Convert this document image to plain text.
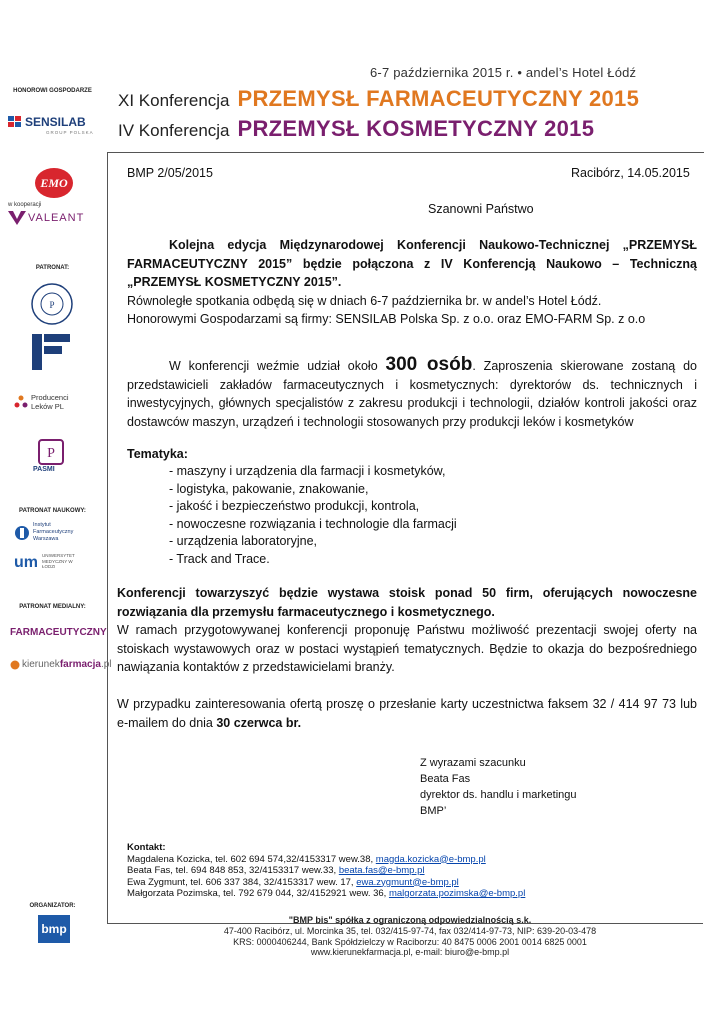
6-7 października 2015 r. • andel’s Hotel Łódź
XI Konferencja PRZEMYSŁ FARMACEUTYCZNY 2015
IV Konferencja PRZEMYSŁ KOSMETYCZNY 2015
HONOROWI GOSPODARZE
SENSILAB
GROUP POLSKA
EMO
w kooperacji
VALEANT
PATRONAT:
P
Producenci Leków PL
P
PASMI
PATRONAT NAUKOWY:
Instytut Farmaceutyczny Warszawa
um UNIWERSYTET MEDYCZNY W ŁODZI
PATRONAT MEDIALNY:
FARMACEUTYCZNY
kierunek farmacja .pl
ORGANIZATOR:
bmp
BMP 2/05/2015	Racibórz, 14.05.2015
Szanowni Państwo
Kolejna edycja Międzynarodowej Konferencji Naukowo-Technicznej „PRZEMYSŁ FARMACEUTYCZNY 2015” będzie połączona z IV Konferencją Naukowo – Techniczną „PRZEMYSŁ KOSMETYCZNY 2015”.
Równoległe spotkania odbędą się w dniach 6-7 października br. w andel’s Hotel Łódź.
Honorowymi Gospodarzami są firmy: SENSILAB Polska Sp. z o.o. oraz EMO-FARM Sp. z o.o
W konferencji weźmie udział około 300 osób. Zaproszenia skierowane zostaną do przedstawicieli zakładów farmaceutycznych i kosmetycznych: dyrektorów ds. technicznych i inwestycyjnych, głównych specjalistów z zakresu produkcji i technologii, działów kontroli jakości oraz dostawców maszyn, urządzeń i technologii stosowanych przy produkcji leków i kosmetyków
Tematyka:
- maszyny i urządzenia dla farmacji i kosmetyków,
- logistyka, pakowanie, znakowanie,
- jakość i bezpieczeństwo produkcji, kontrola,
- nowoczesne rozwiązania i technologie dla farmacji
- urządzenia laboratoryjne,
- Track and Trace.
Konferencji towarzyszyć będzie wystawa stoisk ponad 50 firm, oferujących nowoczesne rozwiązania dla przemysłu farmaceutycznego i kosmetycznego.
W ramach przygotowywanej konferencji proponuję Państwu możliwość prezentacji swojej oferty na stoiskach wystawowych oraz w postaci wystąpień tematycznych. Będzie to okazja do bezpośredniego nawiązania kontaktów z przedstawicielami branży.
W przypadku zainteresowania ofertą proszę o przesłanie karty uczestnictwa faksem 32 / 414 97 73 lub e-mailem do dnia 30 czerwca br.
Z wyrazami szacunku
Beata Fas
dyrektor ds. handlu i marketingu
BMP’
Kontakt:
Magdalena Kozicka, tel. 602 694 574,32/4153317 wew.38, magda.kozicka@e-bmp.pl
Beata Fas, tel. 694 848 853, 32/4153317 wew.33, beata.fas@e-bmp.pl
Ewa Zygmunt, tel. 606 337 384, 32/4153317 wew. 17, ewa.zygmunt@e-bmp.pl
Małgorzata Pozimska, tel. 792 679 044, 32/4152921 wew. 36, malgorzata.pozimska@e-bmp.pl
"BMP bis" spółka z ograniczoną odpowiedzialnością s.k.
47-400 Racibórz, ul. Morcinka 35, tel. 032/415-97-74, fax 032/414-97-73, NIP: 639-20-03-478
KRS: 0000406244, Bank Spółdzielczy w Raciborzu: 40 8475 0006 2001 0014 6825 0001
www.kierunekfarmacja.pl, e-mail: biuro@e-bmp.pl
